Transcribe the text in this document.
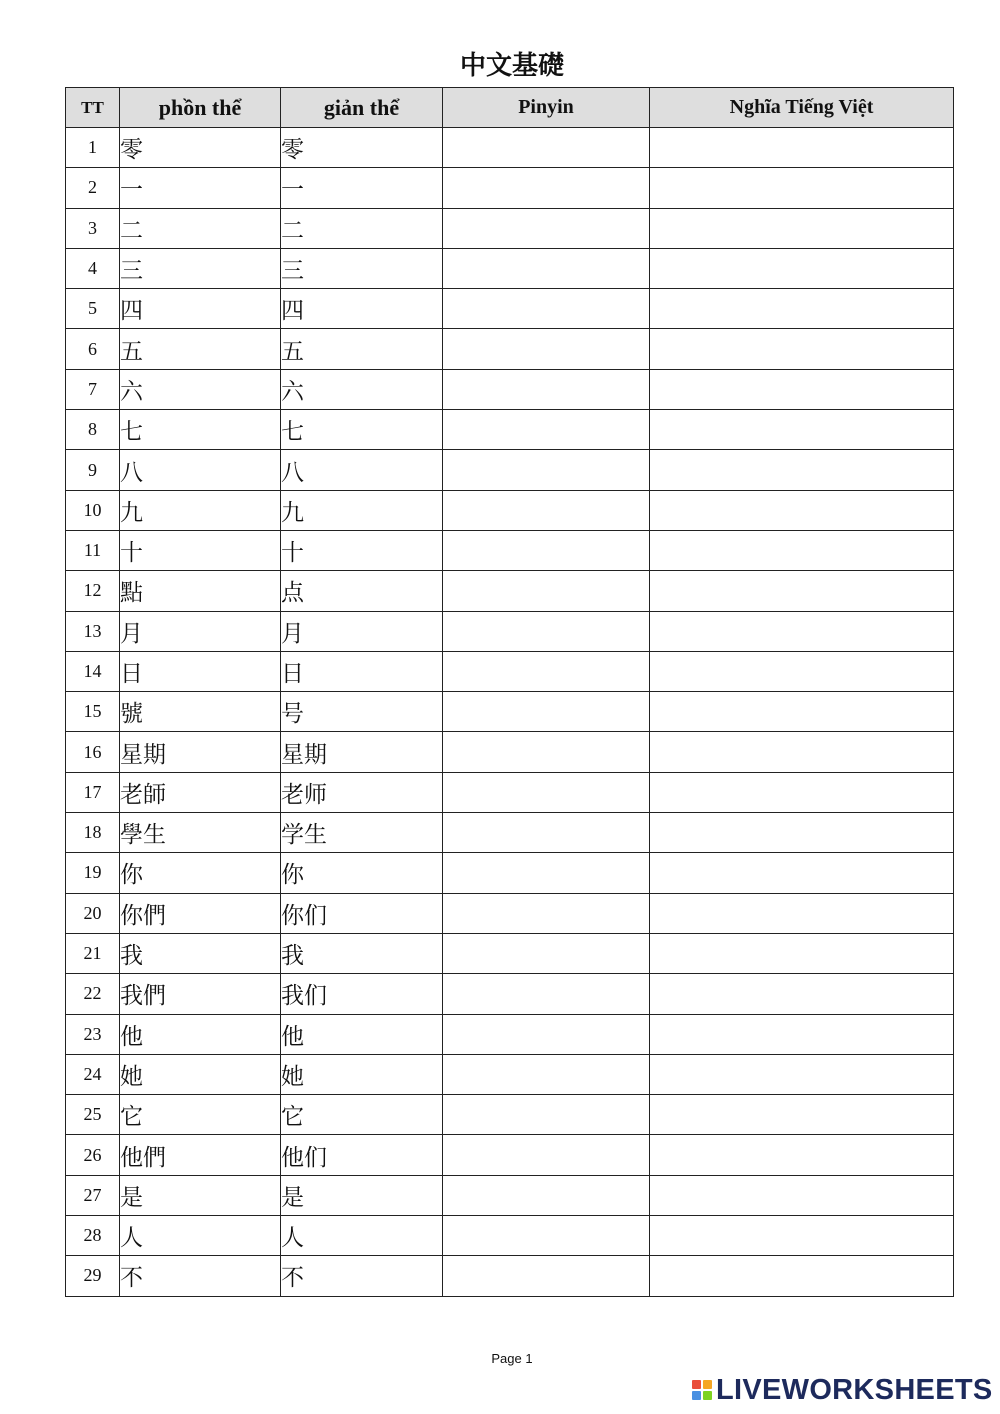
中文基礎
TT	phồn thể	giản thể	Pinyin	Nghĩa Tiếng Việt
1	零	零		
2	一	一		
3	二	二		
4	三	三		
5	四	四		
6	五	五		
7	六	六		
8	七	七		
9	八	八		
10	九	九		
11	十	十		
12	點	点		
13	月	月		
14	日	日		
15	號	号		
16	星期	星期		
17	老師	老师		
18	學生	学生		
19	你	你		
20	你們	你们		
21	我	我		
22	我們	我们		
23	他	他		
24	她	她		
25	它	它		
26	他們	他们		
27	是	是		
28	人	人		
29	不	不		
Page 1
LIVEWORKSHEETS
